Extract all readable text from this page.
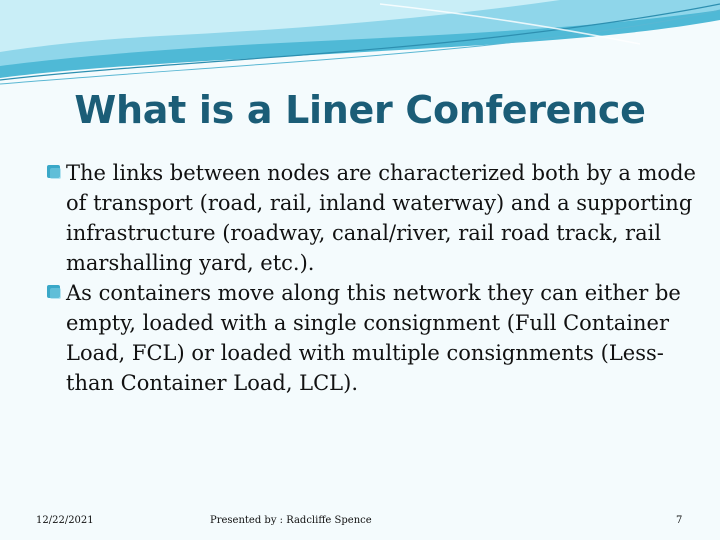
What is a Liner Conference

The links between nodes are characterized both by a mode of transport (road, rail, inland waterway) and a supporting infrastructure (roadway, canal/river, rail road track, rail marshalling yard, etc.).

As containers move along this network they can either be empty, loaded with a single consignment (Full Container Load, FCL) or loaded with multiple consignments (Less-than Container Load, LCL).

12/22/2021	Presented by : Radcliffe Spence	7
